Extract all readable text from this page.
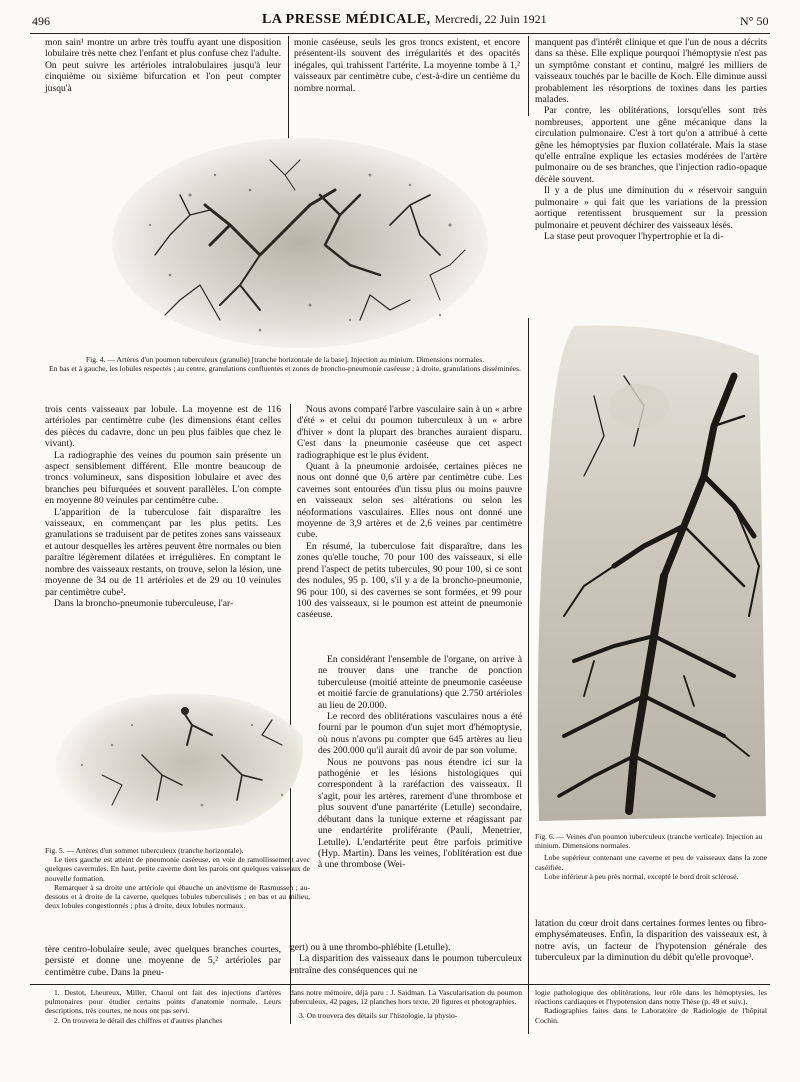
496	LA PRESSE MÉDICALE, Mercredi, 22 Juin 1921	N° 50

mon sain¹ montre un arbre très touffu ayant une disposition lobulaire très nette chez l'enfant et plus confuse chez l'adulte. On peut suivre les artérioles intralobulaires jusqu'à leur cinquième ou sixième bifurcation et l'on peut compter jusqu'à

monie caséeuse, seuls les gros troncs existent, et encore présentent-ils souvent des irrégularités et des opacités inégales, qui trahissent l'artérite. La moyenne tombe à 1,² vaisseaux par centimètre cube, c'est-à-dire un centième du nombre normal.

manquent pas d'intérêt clinique et que l'un de nous a décrits dans sa thèse. Elle explique pourquoi l'hémoptysie n'est pas un symptôme constant et continu, malgré les milliers de vaisseaux touchés par le bacille de Koch. Elle diminue aussi probablement les résorptions de toxines dans les parties malades.

Par contre, les oblitérations, lorsqu'elles sont très nombreuses, apportent une gêne mécanique dans la circulation pulmonaire. C'est à tort qu'on a attribué à cette gêne les hémoptysies par fluxion collatérale. Mais la stase qu'elle entraîne explique les ectasies modérées de l'artère pulmonaire ou de ses branches, que l'injection radio-opaque décèle souvent.

Il y a de plus une diminution du « réservoir sanguin pulmonaire » qui fait que les variations de la pression aortique retentissent brusquement sur la pression pulmonaire et peuvent déchirer des vaisseaux lésés.

La stase peut provoquer l'hypertrophie et la di-

Fig. 4. — Artères d'un poumon tuberculeux (granulie) [tranche horizontale de la base]. Injection au minium. Dimensions normales.
En bas et à gauche, les lobules respectés ; au centre, granulations confluentes et zones de broncho-pneumonie caséeuse ; à droite, granulations disséminées.

trois cents vaisseaux par lobule. La moyenne est de 116 artérioles par centimètre cube (les dimensions étant celles des pièces du cadavre, donc un peu plus faibles que chez le vivant).

La radiographie des veines du poumon sain présente un aspect sensiblement différent. Elle montre beaucoup de troncs volumineux, sans disposition lobulaire et avec des branches peu bifurquées et souvent parallèles. L'on compte en moyenne 80 veinules par centimètre cube.

L'apparition de la tuberculose fait disparaître les vaisseaux, en commençant par les plus petits. Les granulations se traduisent par de petites zones sans vaisseaux et autour desquelles les artères peuvent être normales ou bien paraître légèrement dilatées et irrégulières. En comptant le nombre des vaisseaux restants, on trouve, selon la lésion, une moyenne de 34 ou de 11 artérioles et de 29 ou 10 veinules par centimètre cube².

Dans la broncho-pneumonie tuberculeuse, l'ar-

Nous avons comparé l'arbre vasculaire sain à un « arbre d'été » et celui du poumon tuberculeux à un « arbre d'hiver » dont la plupart des branches auraient disparu. C'est dans la pneumonie caséeuse que cet aspect radiographique est le plus évident.

Quant à la pneumonie ardoisée, certaines pièces ne nous ont donné que 0,6 artère par centimètre cube. Les cavernes sont entourées d'un tissu plus ou moins pauvre en vaisseaux selon ses altérations ou selon les néoformations vasculaires. Elles nous ont donné une moyenne de 3,9 artères et de 2,6 veines par centimètre cube.

En résumé, la tuberculose fait disparaître, dans les zones qu'elle touche, 70 pour 100 des vaisseaux, si elle prend l'aspect de petits tubercules, 90 pour 100, si ce sont des nodules, 95 p. 100, s'il y a de la broncho-pneumonie, 96 pour 100, si des cavernes se sont formées, et 99 pour 100 des vaisseaux, si le poumon est atteint de pneumonie caséeuse.

En considérant l'ensemble de l'organe, on arrive à ne trouver dans une tranche de ponction tuberculeuse (moitié atteinte de pneumonie caséeuse et moitié farcie de granulations) que 2.750 artérioles au lieu de 20.000.

Le record des oblitérations vasculaires nous a été fourni par le poumon d'un sujet mort d'hémoptysie, où nous n'avons pu compter que 645 artères au lieu des 200.000 qu'il aurait dû avoir de par son volume.

Nous ne pouvons pas nous étendre ici sur la pathogénie et les lésions histologiques qui correspondent à la raréfaction des vaisseaux. Il s'agit, pour les artères, rarement d'une thrombose et plus souvent d'une panartérite (Letulle) secondaire, débutant dans la tunique externe et réagissant par une endartérite proliférante (Pauli, Menetrier, Letulle). L'endartérite peut être parfois primitive (Hyp. Martin). Dans les veines, l'oblitération est due à une thrombose (Wei-

gert) ou à une thrombo-phlébite (Letulle).

La disparition des vaisseaux dans le poumon tuberculeux entraîne des conséquences qui ne

Fig. 5. — Artères d'un sommet tuberculeux (tranche horizontale).
Le tiers gauche est atteint de pneumonie caséeuse, en voie de ramollissement avec quelques cavernules. En haut, petite caverne dont les parois ont quelques vaisseaux de nouvelle formation.
Remarquer à sa droite une artériole qui ébauche un anévrisme de Rasmussen ; au-dessous et à droite de la caverne, quelques lobules tuberculisés ; en bas et au milieu, deux lobules congestionnés ; plus à droite, deux lobules normaux.

tère centro-lobulaire seule, avec quelques branches courtes, persiste et donne une moyenne de 5,² artérioles par centimètre cube. Dans la pneu-

Fig. 6. — Veines d'un poumon tuberculeux (tranche verticale). Injection au minium. Dimensions normales.
Lobe supérieur contenant une caverne et peu de vaisseaux dans la zone caséifiée.
Lobe inférieur à peu près normal, excepté le bord droit sclérosé.

latation du cœur droit dans certaines formes lentes ou fibro-emphysémateuses. Enfin, la disparition des vaisseaux est, à notre avis, un facteur de l'hypotension générale des tuberculeux par la diminution du débit qu'elle provoque³.

1. Destot, Lheureux, Miller, Chaoul ont fait des injections d'artères pulmonaires pour étudier certains points d'anatomie normale. Leurs descriptions, très courtes, ne nous ont pas servi.
2. On trouvera le détail des chiffres et d'autres planches
dans notre mémoire, déjà paru : J. Saidman. La Vascularisation du poumon tuberculeux, 42 pages, 12 planches hors texte, 20 figures et photographies.
3. On trouvera des détails sur l'histologie, la physio-
logie pathologique des oblitérations, leur rôle dans les hémoptysies, les réactions cardiaques et l'hypotension dans notre Thèse (p. 49 et suiv.).
Radiographies faites dans le Laboratoire de Radiologie de l'hôpital Cochin.
